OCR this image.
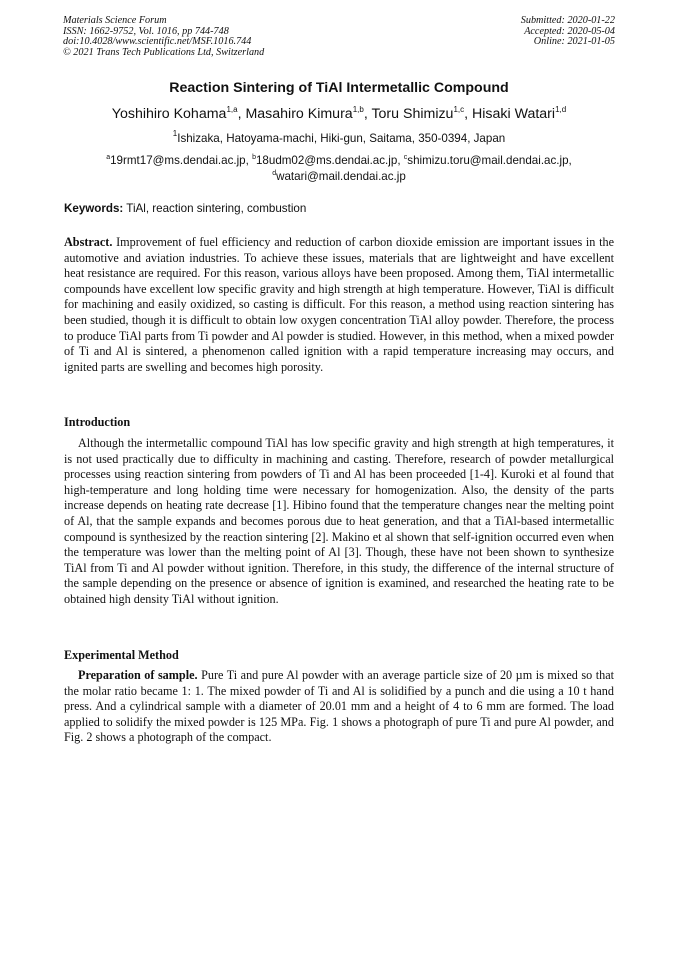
Materials Science Forum
ISSN: 1662-9752, Vol. 1016, pp 744-748
doi:10.4028/www.scientific.net/MSF.1016.744
© 2021 Trans Tech Publications Ltd, Switzerland
Submitted: 2020-01-22
Accepted: 2020-05-04
Online: 2021-01-05
Reaction Sintering of TiAl Intermetallic Compound
Yoshihiro Kohama$^{1,a}$, Masahiro Kimura$^{1,b}$, Toru Shimizu$^{1,c}$, Hisaki Watari$^{1,d}$
$^1$Ishizaka, Hatoyama-machi, Hiki-gun, Saitama, 350-0394, Japan
$^a$19rmt17@ms.dendai.ac.jp, $^b$18udm02@ms.dendai.ac.jp, $^c$shimizu.toru@mail.dendai.ac.jp,
$^d$watari@mail.dendai.ac.jp
Keywords: TiAl, reaction sintering, combustion
Abstract. Improvement of fuel efficiency and reduction of carbon dioxide emission are important issues in the automotive and aviation industries. To achieve these issues, materials that are lightweight and have excellent heat resistance are required. For this reason, various alloys have been proposed. Among them, TiAl intermetallic compounds have excellent low specific gravity and high strength at high temperature. However, TiAl is difficult for machining and easily oxidized, so casting is difficult. For this reason, a method using reaction sintering has been studied, though it is difficult to obtain low oxygen concentration TiAl alloy powder. Therefore, the process to produce TiAl parts from Ti powder and Al powder is studied. However, in this method, when a mixed powder of Ti and Al is sintered, a phenomenon called ignition with a rapid temperature increasing may occurs, and ignited parts are swelling and becomes high porosity.
Introduction
Although the intermetallic compound TiAl has low specific gravity and high strength at high temperatures, it is not used practically due to difficulty in machining and casting. Therefore, research of powder metallurgical processes using reaction sintering from powders of Ti and Al has been proceeded [1-4]. Kuroki et al found that high-temperature and long holding time were necessary for homogenization. Also, the density of the parts increase depends on heating rate decrease [1]. Hibino found that the temperature changes near the melting point of Al, that the sample expands and becomes porous due to heat generation, and that a TiAl-based intermetallic compound is synthesized by the reaction sintering [2]. Makino et al shown that self-ignition occurred even when the temperature was lower than the melting point of Al [3]. Though, these have not been shown to synthesize TiAl from Ti and Al powder without ignition. Therefore, in this study, the difference of the internal structure of the sample depending on the presence or absence of ignition is examined, and researched the heating rate to be obtained high density TiAl without ignition.
Experimental Method
Preparation of sample. Pure Ti and pure Al powder with an average particle size of 20 µm is mixed so that the molar ratio became 1: 1. The mixed powder of Ti and Al is solidified by a punch and die using a 10 t hand press. And a cylindrical sample with a diameter of 20.01 mm and a height of 4 to 6 mm are formed. The load applied to solidify the mixed powder is 125 MPa. Fig. 1 shows a photograph of pure Ti and pure Al powder, and Fig. 2 shows a photograph of the compact.
